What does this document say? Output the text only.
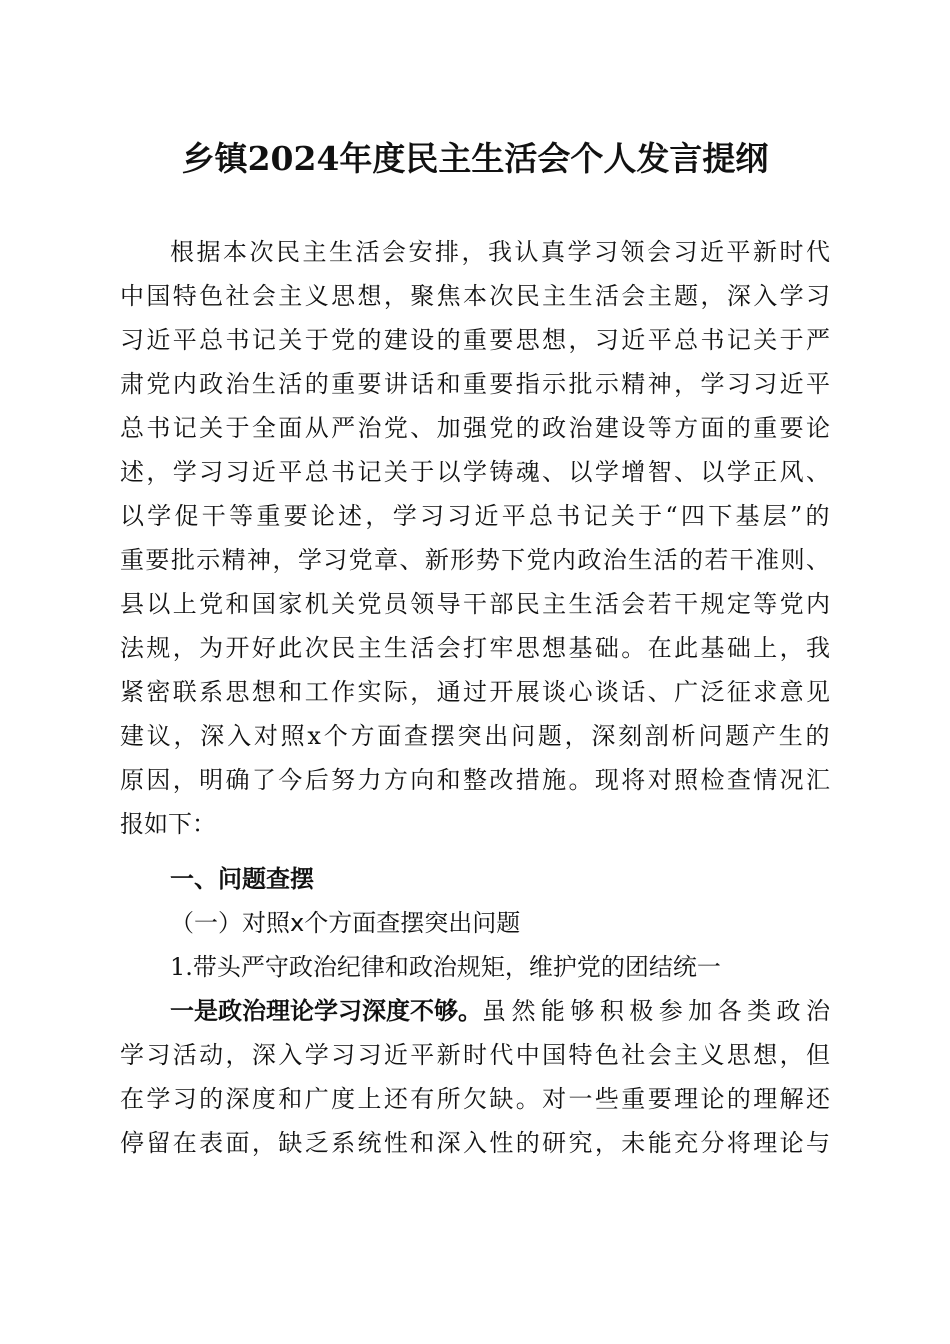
乡镇2024年度民主生活会个人发言提纲
根据本次民主生活会安排，我认真学习领会习近平新时代
中国特色社会主义思想，聚焦本次民主生活会主题，深入学习
习近平总书记关于党的建设的重要思想，习近平总书记关于严
肃党内政治生活的重要讲话和重要指示批示精神，学习习近平
总书记关于全面从严治党、加强党的政治建设等方面的重要论
述，学习习近平总书记关于以学铸魂、以学增智、以学正风、
以学促干等重要论述，学习习近平总书记关于“四下基层”的
重要批示精神，学习党章、新形势下党内政治生活的若干准则、
县以上党和国家机关党员领导干部民主生活会若干规定等党内
法规，为开好此次民主生活会打牢思想基础。在此基础上，我
紧密联系思想和工作实际，通过开展谈心谈话、广泛征求意见
建议，深入对照x个方面查摆突出问题，深刻剖析问题产生的
原因，明确了今后努力方向和整改措施。现将对照检查情况汇
报如下：
一、问题查摆
（一）对照x个方面查摆突出问题
1.带头严守政治纪律和政治规矩，维护党的团结统一
一是政治理论学习深度不够。 虽然能够积极参加各类政治
学习活动，深入学习习近平新时代中国特色社会主义思想，但
在学习的深度和广度上还有所欠缺。对一些重要理论的理解还
停留在表面，缺乏系统性和深入性的研究，未能充分将理论与
